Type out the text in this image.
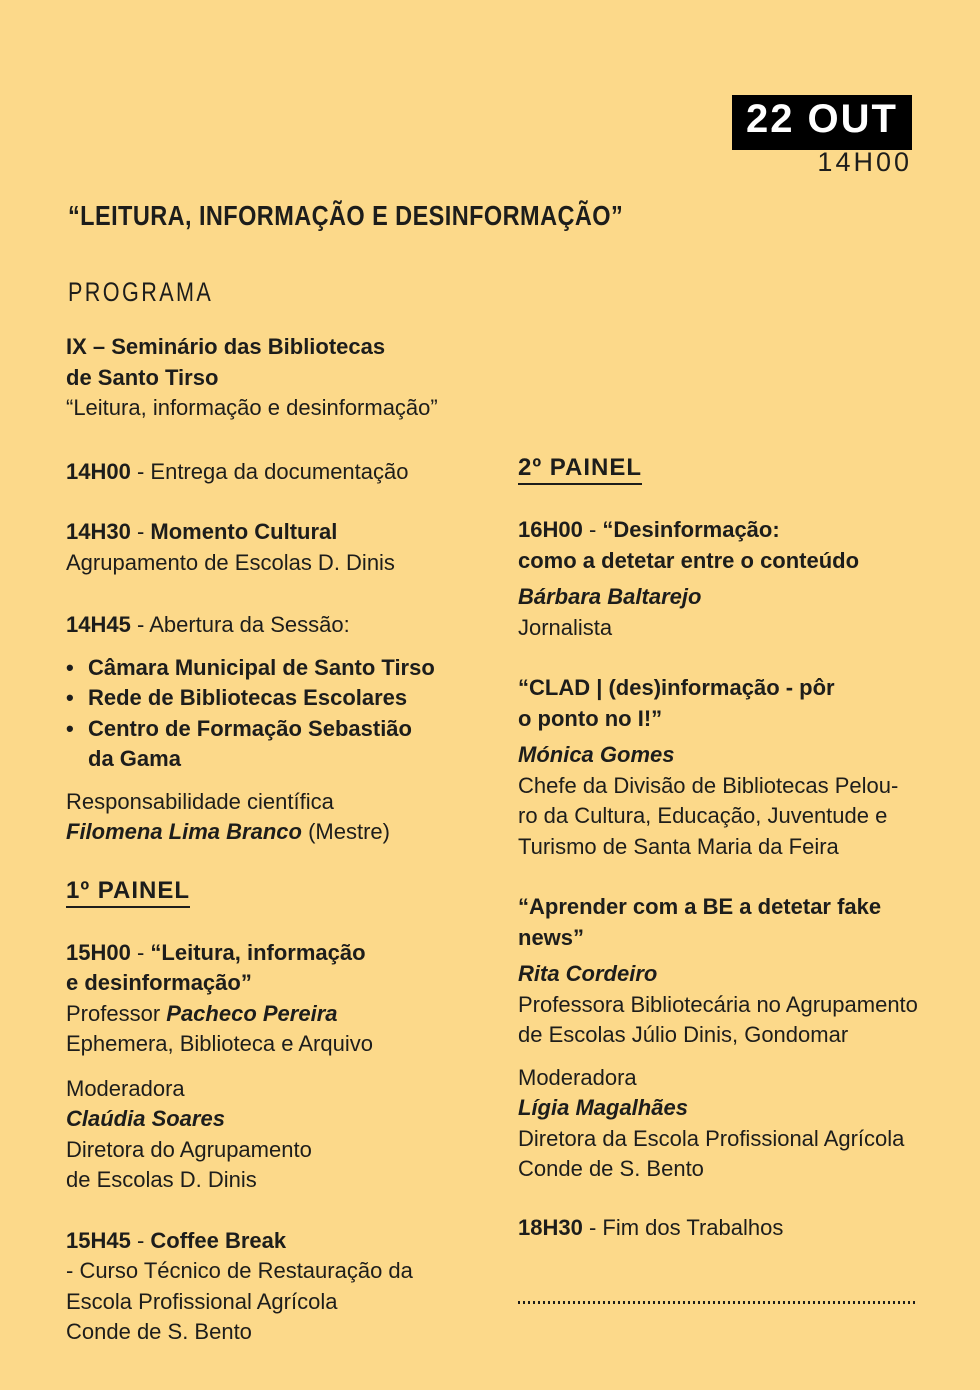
22 OUT
14H00
“LEITURA, INFORMAÇÃO E DESINFORMAÇÃO”
PROGRAMA
IX – Seminário das Bibliotecas
de Santo Tirso
“Leitura, informação e desinformação”
14H00 - Entrega da documentação
14H30 - Momento Cultural
Agrupamento de Escolas D. Dinis
14H45 - Abertura da Sessão:
• Câmara Municipal de Santo Tirso
• Rede de Bibliotecas Escolares
• Centro de Formação Sebastião
da Gama
Responsabilidade científica
Filomena Lima Branco (Mestre)
1º PAINEL
15H00 - “Leitura, informação
e desinformação”
Professor Pacheco Pereira
Ephemera, Biblioteca e Arquivo
Moderadora
Claúdia Soares
Diretora do Agrupamento
de Escolas D. Dinis
15H45 - Coffee Break
- Curso Técnico de Restauração da
Escola Profissional Agrícola
Conde de S. Bento
2º PAINEL
16H00 - “Desinformação:
como a detetar entre o conteúdo
Bárbara Baltarejo
Jornalista
“CLAD | (des)informação - pôr
o ponto no I!”
Mónica Gomes
Chefe da Divisão de Bibliotecas Pelou-
ro da Cultura, Educação, Juventude e
Turismo de Santa Maria da Feira
“Aprender com a BE a detetar fake
news”
Rita Cordeiro
Professora Bibliotecária no Agrupamento
de Escolas Júlio Dinis, Gondomar
Moderadora
Lígia Magalhães
Diretora da Escola Profissional Agrícola
Conde de S. Bento
18H30 - Fim dos Trabalhos
